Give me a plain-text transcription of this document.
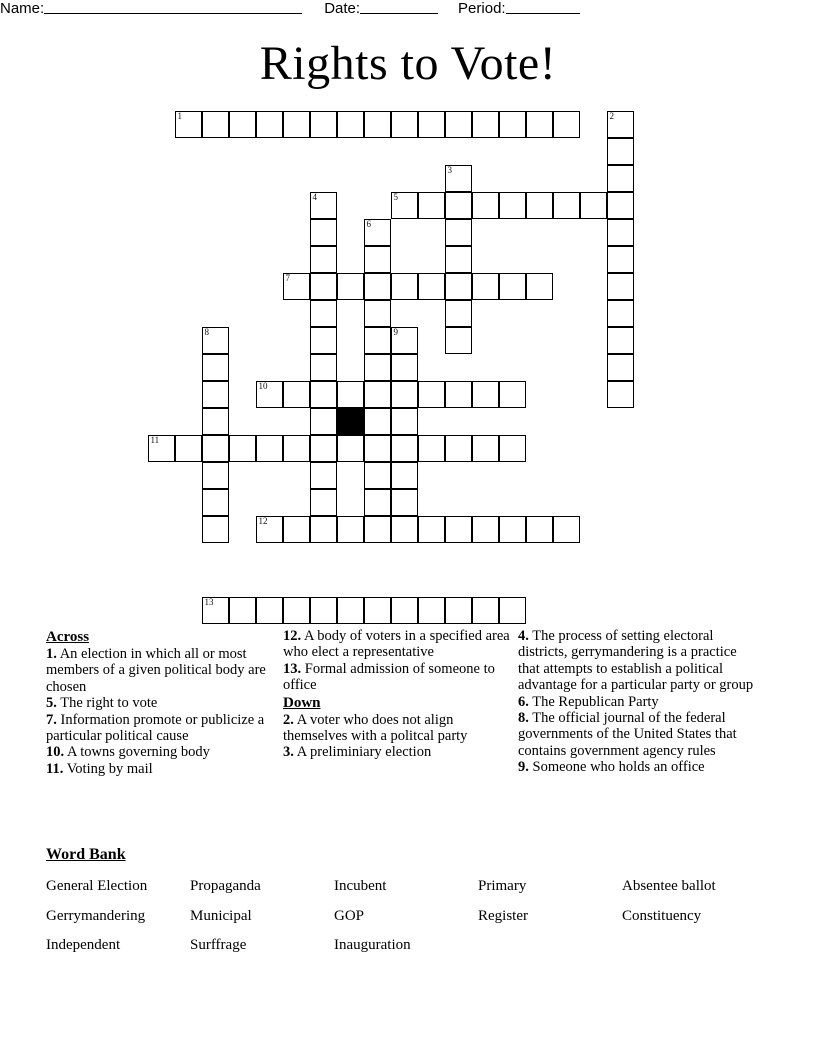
Name:	Date:	Period:
Rights to Vote!
1	2
3
4	5
6
7
8	9
10
11
12
13
Across

1. An election in which all or most members of a given political body are chosen

5. The right to vote

7. Information promote or publicize a particular political cause

10. A towns governing body

11. Voting by mail

12. A body of voters in a specified area who elect a representative

13. Formal admission of someone to office

Down

2. A voter who does not align themselves with a politcal party

3. A preliminiary election

4. The process of setting electoral districts, gerrymandering is a practice that attempts to establish a political advantage for a particular party or group

6. The Republican Party

8. The official journal of the federal governments of the United States that contains government agency rules

9. Someone who holds an office

Word Bank
General Election	Propaganda	Incubent	Primary	Absentee ballot
Gerrymandering	Municipal	GOP	Register	Constituency
Independent	Surffrage	Inauguration
